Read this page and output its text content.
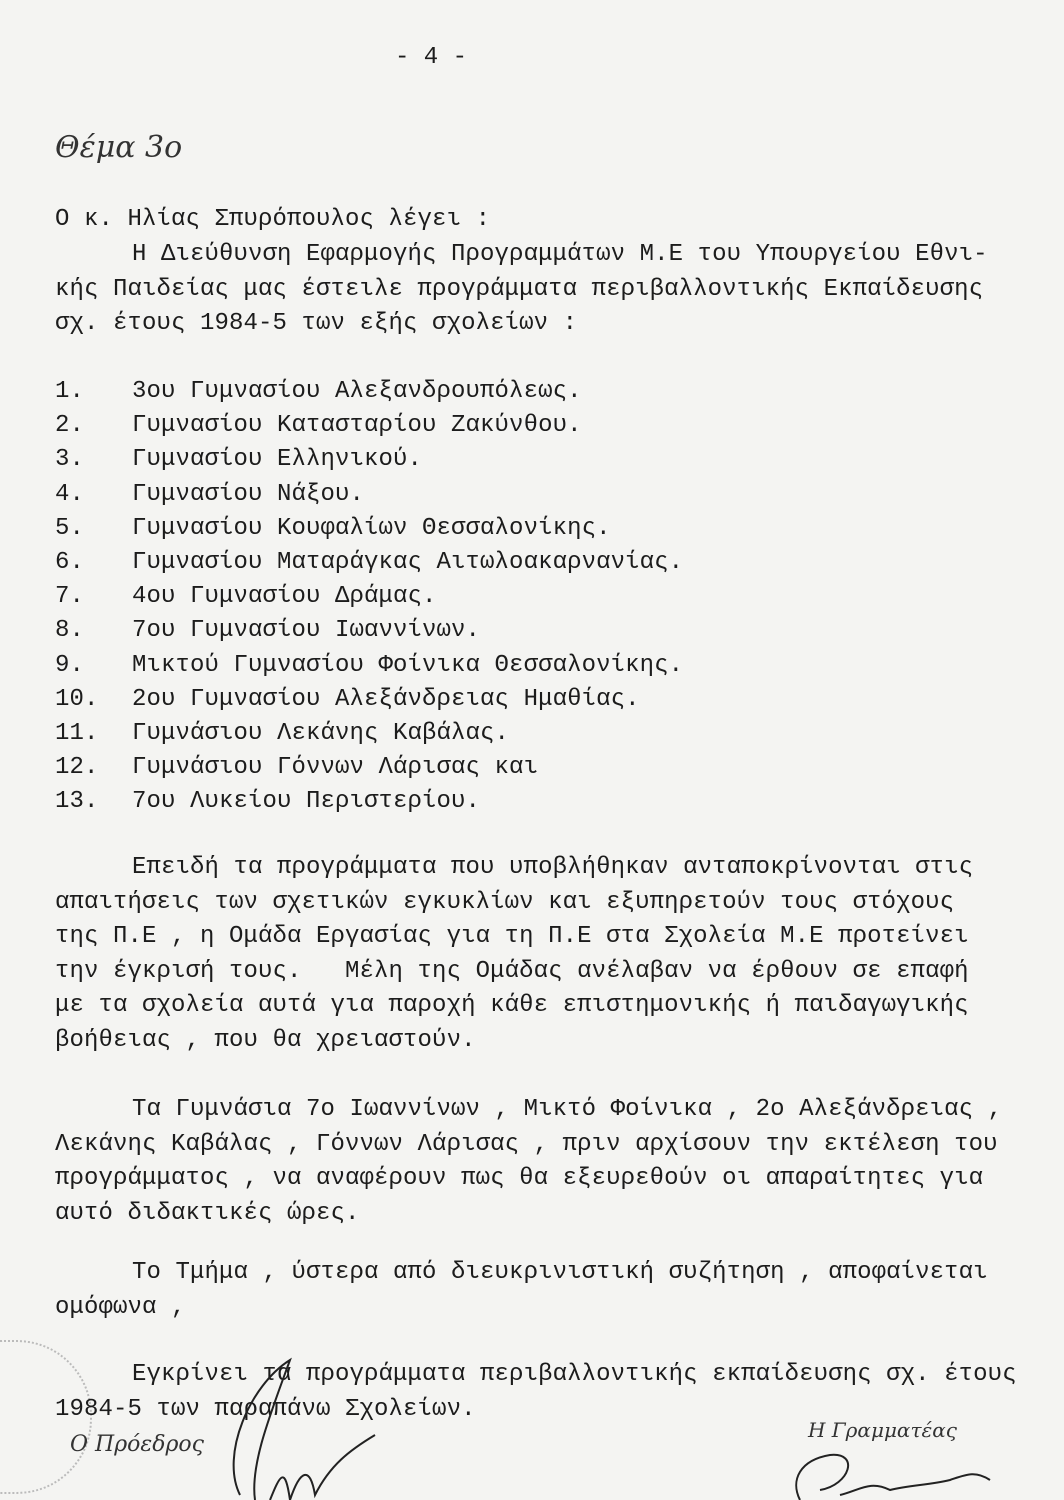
- 4 -
Θέμα 3ο
Ο κ. Ηλίας Σπυρόπουλος λέγει :
Η Διεύθυνση Εφαρμογής Προγραμμάτων Μ.Ε του Υπουργείου Εθνι-
κής Παιδείας μας έστειλε προγράμματα περιβαλλοντικής Εκπαίδευσης
σχ. έτους 1984-5 των εξής σχολείων :
1. 3ου Γυμνασίου Αλεξανδρουπόλεως.
2. Γυμνασίου Κατασταρίου Ζακύνθου.
3. Γυμνασίου Ελληνικού.
4. Γυμνασίου Νάξου.
5. Γυμνασίου Κουφαλίων Θεσσαλονίκης.
6. Γυμνασίου Ματαράγκας Αιτωλοακαρνανίας.
7. 4ου Γυμνασίου Δράμας.
8. 7ου Γυμνασίου Ιωαννίνων.
9. Μικτού Γυμνασίου Φοίνικα Θεσσαλονίκης.
10. 2ου Γυμνασίου Αλεξάνδρειας Ημαθίας.
11. Γυμνάσιου Λεκάνης Καβάλας.
12. Γυμνάσιου Γόννων Λάρισας και
13. 7ου Λυκείου Περιστερίου.
Επειδή τα προγράμματα που υποβλήθηκαν ανταποκρίνονται στις
απαιτήσεις των σχετικών εγκυκλίων και εξυπηρετούν τους στόχους
της Π.Ε , η Ομάδα Εργασίας για τη Π.Ε στα Σχολεία Μ.Ε προτείνει
την έγκρισή τους.   Μέλη της Ομάδας ανέλαβαν να έρθουν σε επαφή
με τα σχολεία αυτά για παροχή κάθε επιστημονικής ή παιδαγωγικής
βοήθειας , που θα χρειαστούν.
Τα Γυμνάσια 7ο Ιωαννίνων , Μικτό Φοίνικα , 2ο Αλεξάνδρειας ,
Λεκάνης Καβάλας , Γόννων Λάρισας , πριν αρχίσουν την εκτέλεση του
προγράμματος , να αναφέρουν πως θα εξευρεθούν οι απαραίτητες για
αυτό διδακτικές ώρες.
Το Τμήμα , ύστερα από διευκρινιστική συζήτηση , αποφαίνεται
ομόφωνα ,
Εγκρίνει τα προγράμματα περιβαλλοντικής εκπαίδευσης σχ. έτους
1984-5 των παραπάνω Σχολείων.
Ο Πρόεδρος
Η Γραμματέας
